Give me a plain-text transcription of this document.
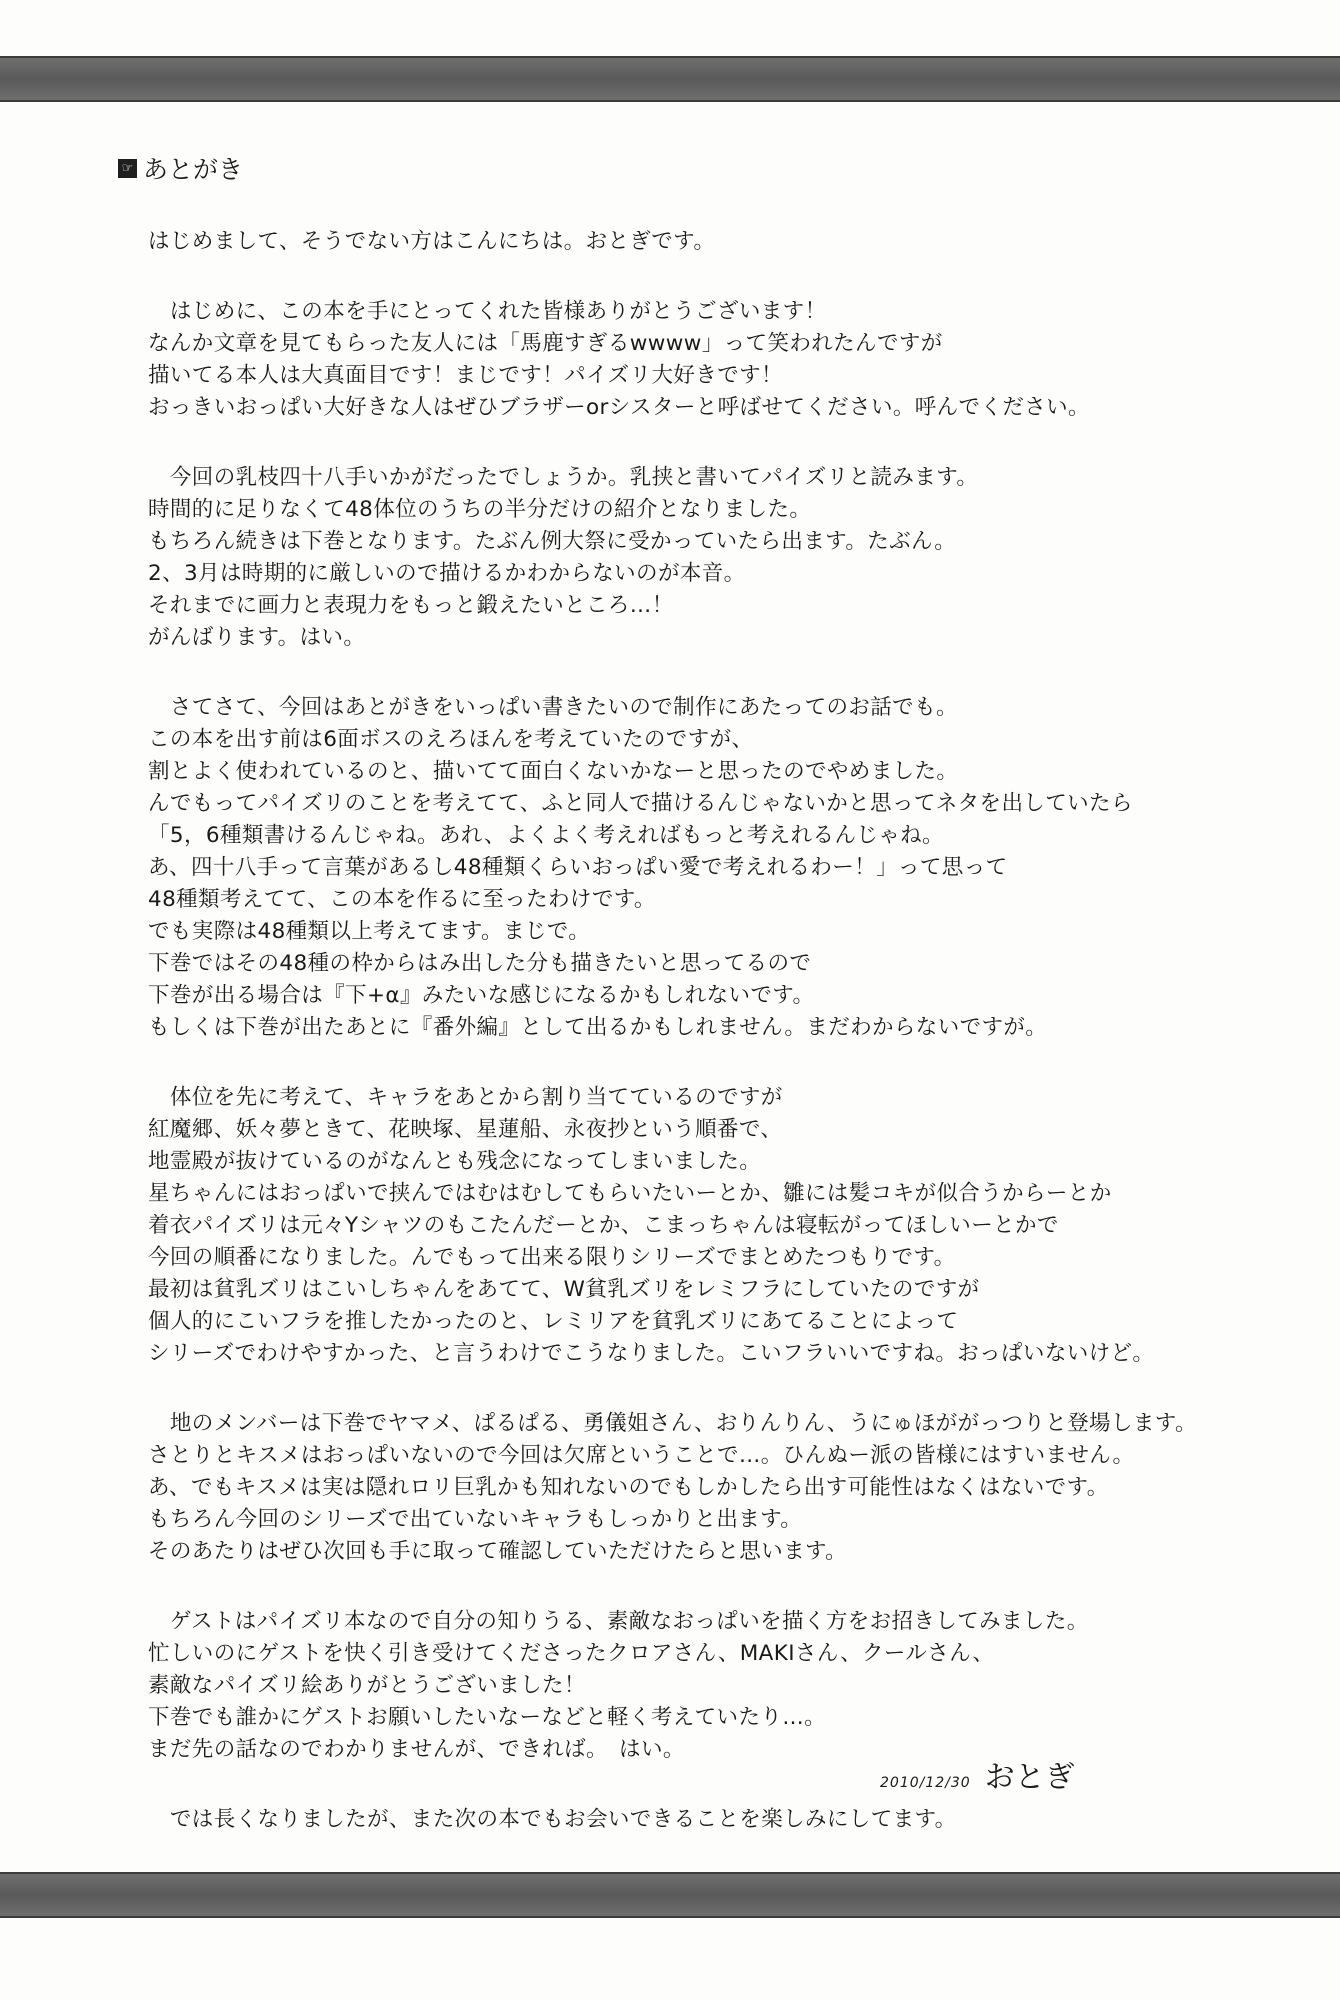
☞ あとがき
はじめまして、そうでない方はこんにちは。おとぎです。
　はじめに、この本を手にとってくれた皆様ありがとうございます！
なんか文章を見てもらった友人には「馬鹿すぎるwwww」って笑われたんですが
描いてる本人は大真面目です！まじです！パイズリ大好きです！
おっきいおっぱい大好きな人はぜひブラザーorシスターと呼ばせてください。呼んでください。
　今回の乳枝四十八手いかがだったでしょうか。乳挟と書いてパイズリと読みます。
時間的に足りなくて48体位のうちの半分だけの紹介となりました。
もちろん続きは下巻となります。たぶん例大祭に受かっていたら出ます。たぶん。
2、3月は時期的に厳しいので描けるかわからないのが本音。
それまでに画力と表現力をもっと鍛えたいところ…！
がんばります。はい。
　さてさて、今回はあとがきをいっぱい書きたいので制作にあたってのお話でも。
この本を出す前は6面ボスのえろほんを考えていたのですが、
割とよく使われているのと、描いてて面白くないかなーと思ったのでやめました。
んでもってパイズリのことを考えてて、ふと同人で描けるんじゃないかと思ってネタを出していたら
「5，6種類書けるんじゃね。あれ、よくよく考えればもっと考えれるんじゃね。
あ、四十八手って言葉があるし48種類くらいおっぱい愛で考えれるわー！」って思って
48種類考えてて、この本を作るに至ったわけです。
でも実際は48種類以上考えてます。まじで。
下巻ではその48種の枠からはみ出した分も描きたいと思ってるので
下巻が出る場合は『下+α』みたいな感じになるかもしれないです。
もしくは下巻が出たあとに『番外編』として出るかもしれません。まだわからないですが。
　体位を先に考えて、キャラをあとから割り当てているのですが
紅魔郷、妖々夢ときて、花映塚、星蓮船、永夜抄という順番で、
地霊殿が抜けているのがなんとも残念になってしまいました。
星ちゃんにはおっぱいで挟んではむはむしてもらいたいーとか、雛には髪コキが似合うからーとか
着衣パイズリは元々Yシャツのもこたんだーとか、こまっちゃんは寝転がってほしいーとかで
今回の順番になりました。んでもって出来る限りシリーズでまとめたつもりです。
最初は貧乳ズリはこいしちゃんをあてて、W貧乳ズリをレミフラにしていたのですが
個人的にこいフラを推したかったのと、レミリアを貧乳ズリにあてることによって
シリーズでわけやすかった、と言うわけでこうなりました。こいフラいいですね。おっぱいないけど。
　地のメンバーは下巻でヤマメ、ぱるぱる、勇儀姐さん、おりんりん、うにゅほががっつりと登場します。
さとりとキスメはおっぱいないので今回は欠席ということで…。ひんぬー派の皆様にはすいません。
あ、でもキスメは実は隠れロリ巨乳かも知れないのでもしかしたら出す可能性はなくはないです。
もちろん今回のシリーズで出ていないキャラもしっかりと出ます。
そのあたりはぜひ次回も手に取って確認していただけたらと思います。
　ゲストはパイズリ本なので自分の知りうる、素敵なおっぱいを描く方をお招きしてみました。
忙しいのにゲストを快く引き受けてくださったクロアさん、MAKIさん、クールさん、
素敵なパイズリ絵ありがとうございました！
下巻でも誰かにゲストお願いしたいなーなどと軽く考えていたり…。
まだ先の話なのでわかりませんが、できれば。　はい。
　では長くなりましたが、また次の本でもお会いできることを楽しみにしてます。
2010/12/30 おとぎ
